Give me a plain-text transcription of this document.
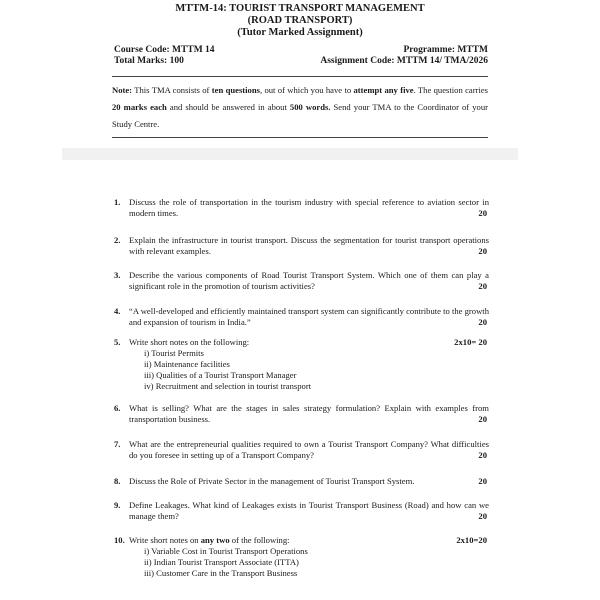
MTTM-14: TOURIST TRANSPORT MANAGEMENT
(ROAD TRANSPORT)
(Tutor Marked Assignment)
Course Code: MTTM 14
Total Marks: 100
Programme: MTTM
Assignment Code: MTTM 14/ TMA/2026

Note: This TMA consists of ten questions, out of which you have to attempt any five. The question carries 20 marks each and should be answered in about 500 words. Send your TMA to the Coordinator of your Study Centre.

1. Discuss the role of transportation in the tourism industry with special reference to aviation sector in modern times.	20
2. Explain the infrastructure in tourist transport. Discuss the segmentation for tourist transport operations with relevant examples.	20
3. Describe the various components of Road Tourist Transport System. Which one of them can play a significant role in the promotion of tourism activities?	20
4. “A well-developed and efficiently maintained transport system can significantly contribute to the growth and expansion of tourism in India.”	20
5. Write short notes on the following:	2x10= 20
i) Tourist Permits
ii) Maintenance facilities
iii) Qualities of a Tourist Transport Manager
iv) Recruitment and selection in tourist transport
6. What is selling? What are the stages in sales strategy formulation? Explain with examples from transportation business.	20
7. What are the entrepreneurial qualities required to own a Tourist Transport Company? What difficulties do you foresee in setting up of a Transport Company?	20
8. Discuss the Role of Private Sector in the management of Tourist Transport System.	20
9. Define Leakages. What kind of Leakages exists in Tourist Transport Business (Road) and how can we manage them?	20
10. Write short notes on any two of the following:	2x10=20
i) Variable Cost in Tourist Transport Operations
ii) Indian Tourist Transport Associate (ITTA)
iii) Customer Care in the Transport Business
